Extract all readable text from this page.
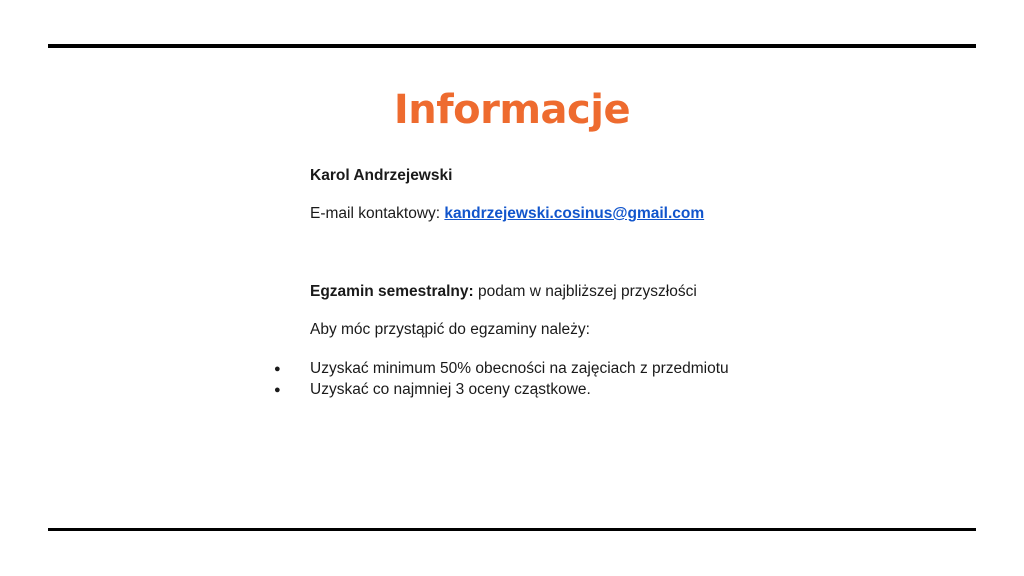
Informacje
Karol Andrzejewski
E-mail kontaktowy: kandrzejewski.cosinus@gmail.com
Egzamin semestralny: podam w najbliższej przyszłości
Aby móc przystąpić do egzaminy należy:
● Uzyskać minimum 50% obecności na zajęciach z przedmiotu
● Uzyskać co najmniej 3 oceny cząstkowe.
